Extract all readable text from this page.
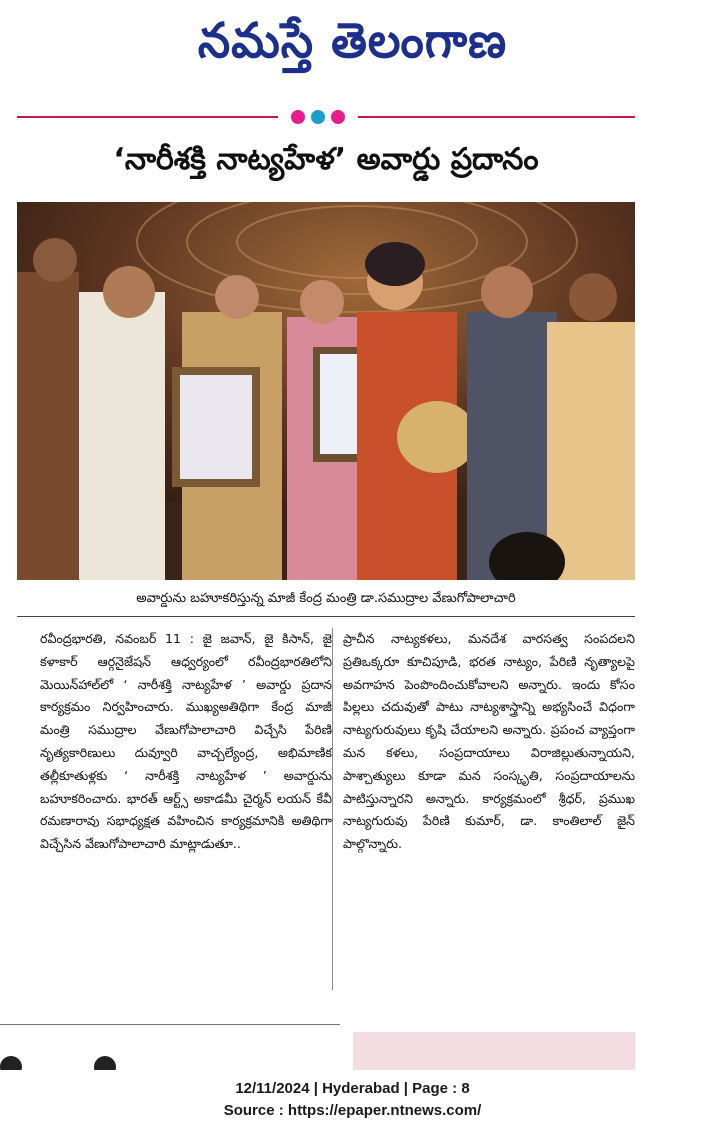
నమస్తే తెలంగాణ
‘నారీశక్తి నాట్యహేళ’ అవార్డు ప్రదానం
అవార్డును బహూకరిస్తున్న మాజీ కేంద్ర మంత్రి డా.సముద్రాల వేణుగోపాలాచారి
రవీంద్రభారతి, నవంబర్ 11 : జై జవాన్, జై కిసాన్, జై కళాకార్ ఆర్గనైజేషన్ ఆధ్వర్యంలో రవీంద్రభారతిలోని మెయిన్‌హాల్‌లో ‘ నారీశక్తి నాట్యహేళ ’ అవార్డు ప్రదాన కార్యక్రమం నిర్వహించారు. ముఖ్యఅతిథిగా కేంద్ర మాజీ మంత్రి సముద్రాల వేణుగోపాలాచారి విచ్చేసి పేరిణి నృత్యకారిణులు దువ్వూరి వాచ్చల్యేంద్ర, అభిమాణిక తల్లీకూతుళ్లకు ‘ నారీశక్తి నాట్యహేళ ’ అవార్డును బహూకరించారు. భారత్ ఆర్ట్స్ అకాడమీ చైర్మన్ లయన్ కేవీ రమణారావు సభాధ్యక్షత వహించిన కార్యక్రమానికి అతిథిగా విచ్చేసిన వేణుగోపాలాచారి మాట్లాడుతూ..
ప్రాచీన నాట్యకళలు, మనదేశ వారసత్వ సంపదలని ప్రతిఒక్కరూ కూచిపూడి, భరత నాట్యం, పేరిణి నృత్యాలపై అవగాహన పెంపొందించుకోవాలని అన్నారు. ఇందు కోసం పిల్లలు చదువుతో పాటు నాట్యశాస్త్రాన్ని అభ్యసించే విధంగా నాట్యగురువులు కృషి చేయాలని అన్నారు. ప్రపంచ వ్యాప్తంగా మన కళలు, సంప్రదాయాలు విరాజిల్లుతున్నాయని, పాశ్చాత్యులు కూడా మన సంస్కృతి, సంప్రదాయాలను పాటిస్తున్నారని అన్నారు. కార్యక్రమంలో శ్రీధర్, ప్రముఖ నాట్యగురువు పేరిణి కుమార్, డా. కాంతిలాల్ జైన్ పాల్గొన్నారు.

12/11/2024 | Hyderabad | Page : 8
Source : https://epaper.ntnews.com/
